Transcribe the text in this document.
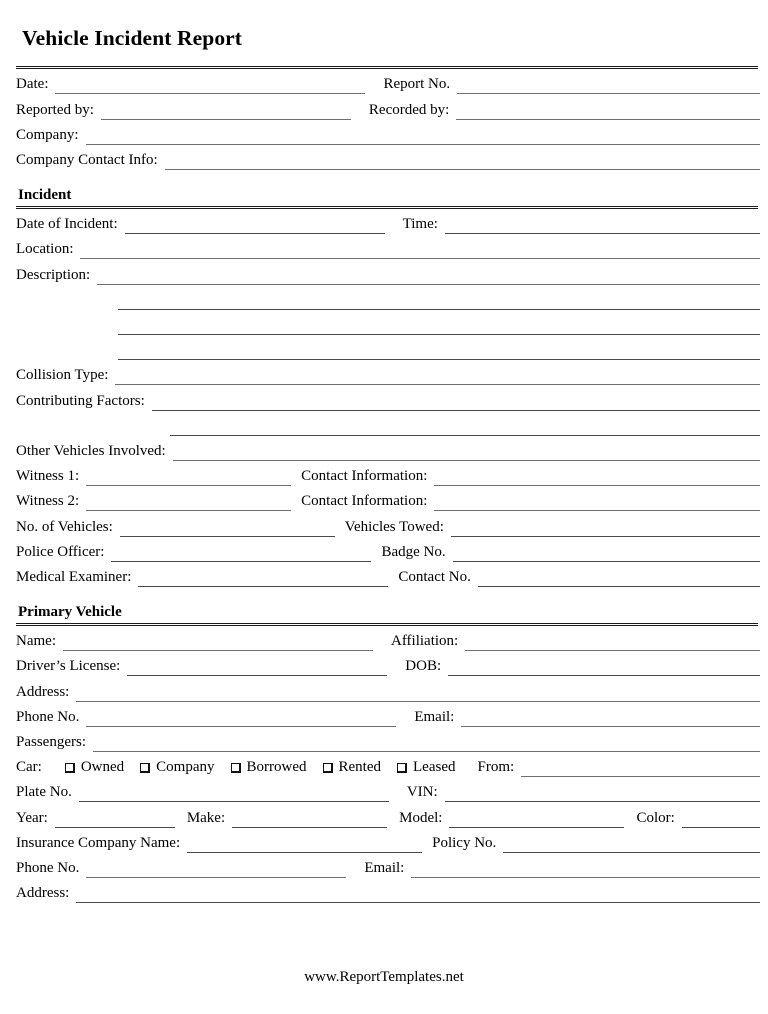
Vehicle Incident Report
Date:	Report No.
Reported by:	Recorded by:
Company:
Company Contact Info:
Incident
Date of Incident:	Time:
Location:
Description:
Collision Type:
Contributing Factors:
Other Vehicles Involved:
Witness 1:	Contact Information:
Witness 2:	Contact Information:
No. of Vehicles:	Vehicles Towed:
Police Officer:	Badge No.
Medical Examiner:	Contact No.
Primary Vehicle
Name:	Affiliation:
Driver’s License:	DOB:
Address:
Phone No.	Email:
Passengers:
Car:	Owned Company Borrowed Rented Leased	From:
Plate No.	VIN:
Year:	Make:	Model:	Color:
Insurance Company Name:	Policy No.
Phone No.	Email:
Address:
www.ReportTemplates.net
